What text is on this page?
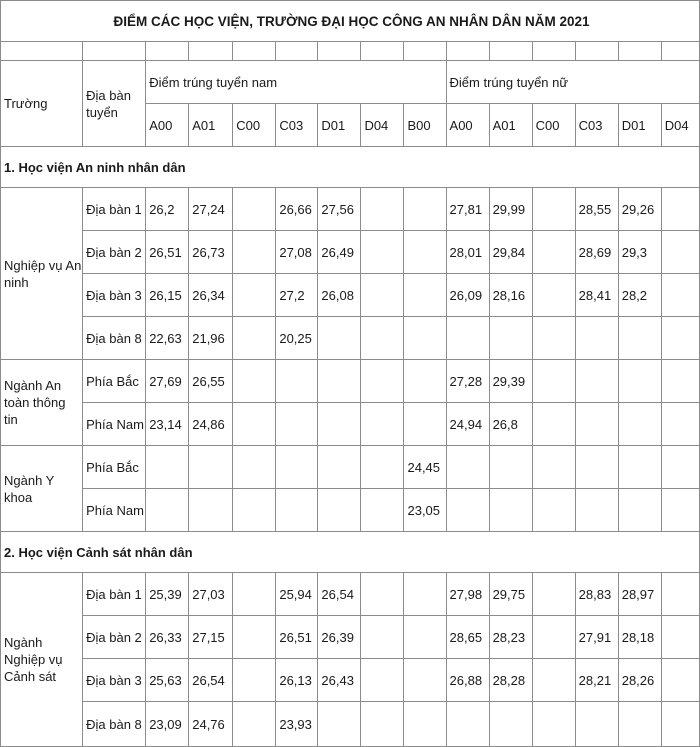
ĐIỂM CÁC HỌC VIỆN, TRƯỜNG ĐẠI HỌC CÔNG AN NHÂN DÂN NĂM 2021														

Trường	Địa bàn tuyển	Điểm trúng tuyển nam							Điểm trúng tuyển nữ					
		A00	A01	C00	C03	D01	D04	B00	A00	A01	C00	C03	D01	D04
1. Học viện An ninh nhân dân														
Nghiệp vụ An ninh	Địa bàn 1	26,2	27,24		26,66	27,56			27,81	29,99		28,55	29,26	
	Địa bàn 2	26,51	26,73		27,08	26,49			28,01	29,84		28,69	29,3	
	Địa bàn 3	26,15	26,34		27,2	26,08			26,09	28,16		28,41	28,2	
	Địa bàn 8	22,63	21,96		20,25									
Ngành An toàn thông tin	Phía Bắc	27,69	26,55						27,28	29,39				
	Phía Nam	23,14	24,86						24,94	26,8				
Ngành Y khoa	Phía Bắc							24,45						
	Phía Nam							23,05						
2. Học viện Cảnh sát nhân dân														
Ngành Nghiệp vụ Cảnh sát	Địa bàn 1	25,39	27,03		25,94	26,54			27,98	29,75		28,83	28,97	
	Địa bàn 2	26,33	27,15		26,51	26,39			28,65	28,23		27,91	28,18	
	Địa bàn 3	25,63	26,54		26,13	26,43			26,88	28,28		28,21	28,26	
	Địa bàn 8	23,09	24,76		23,93									
